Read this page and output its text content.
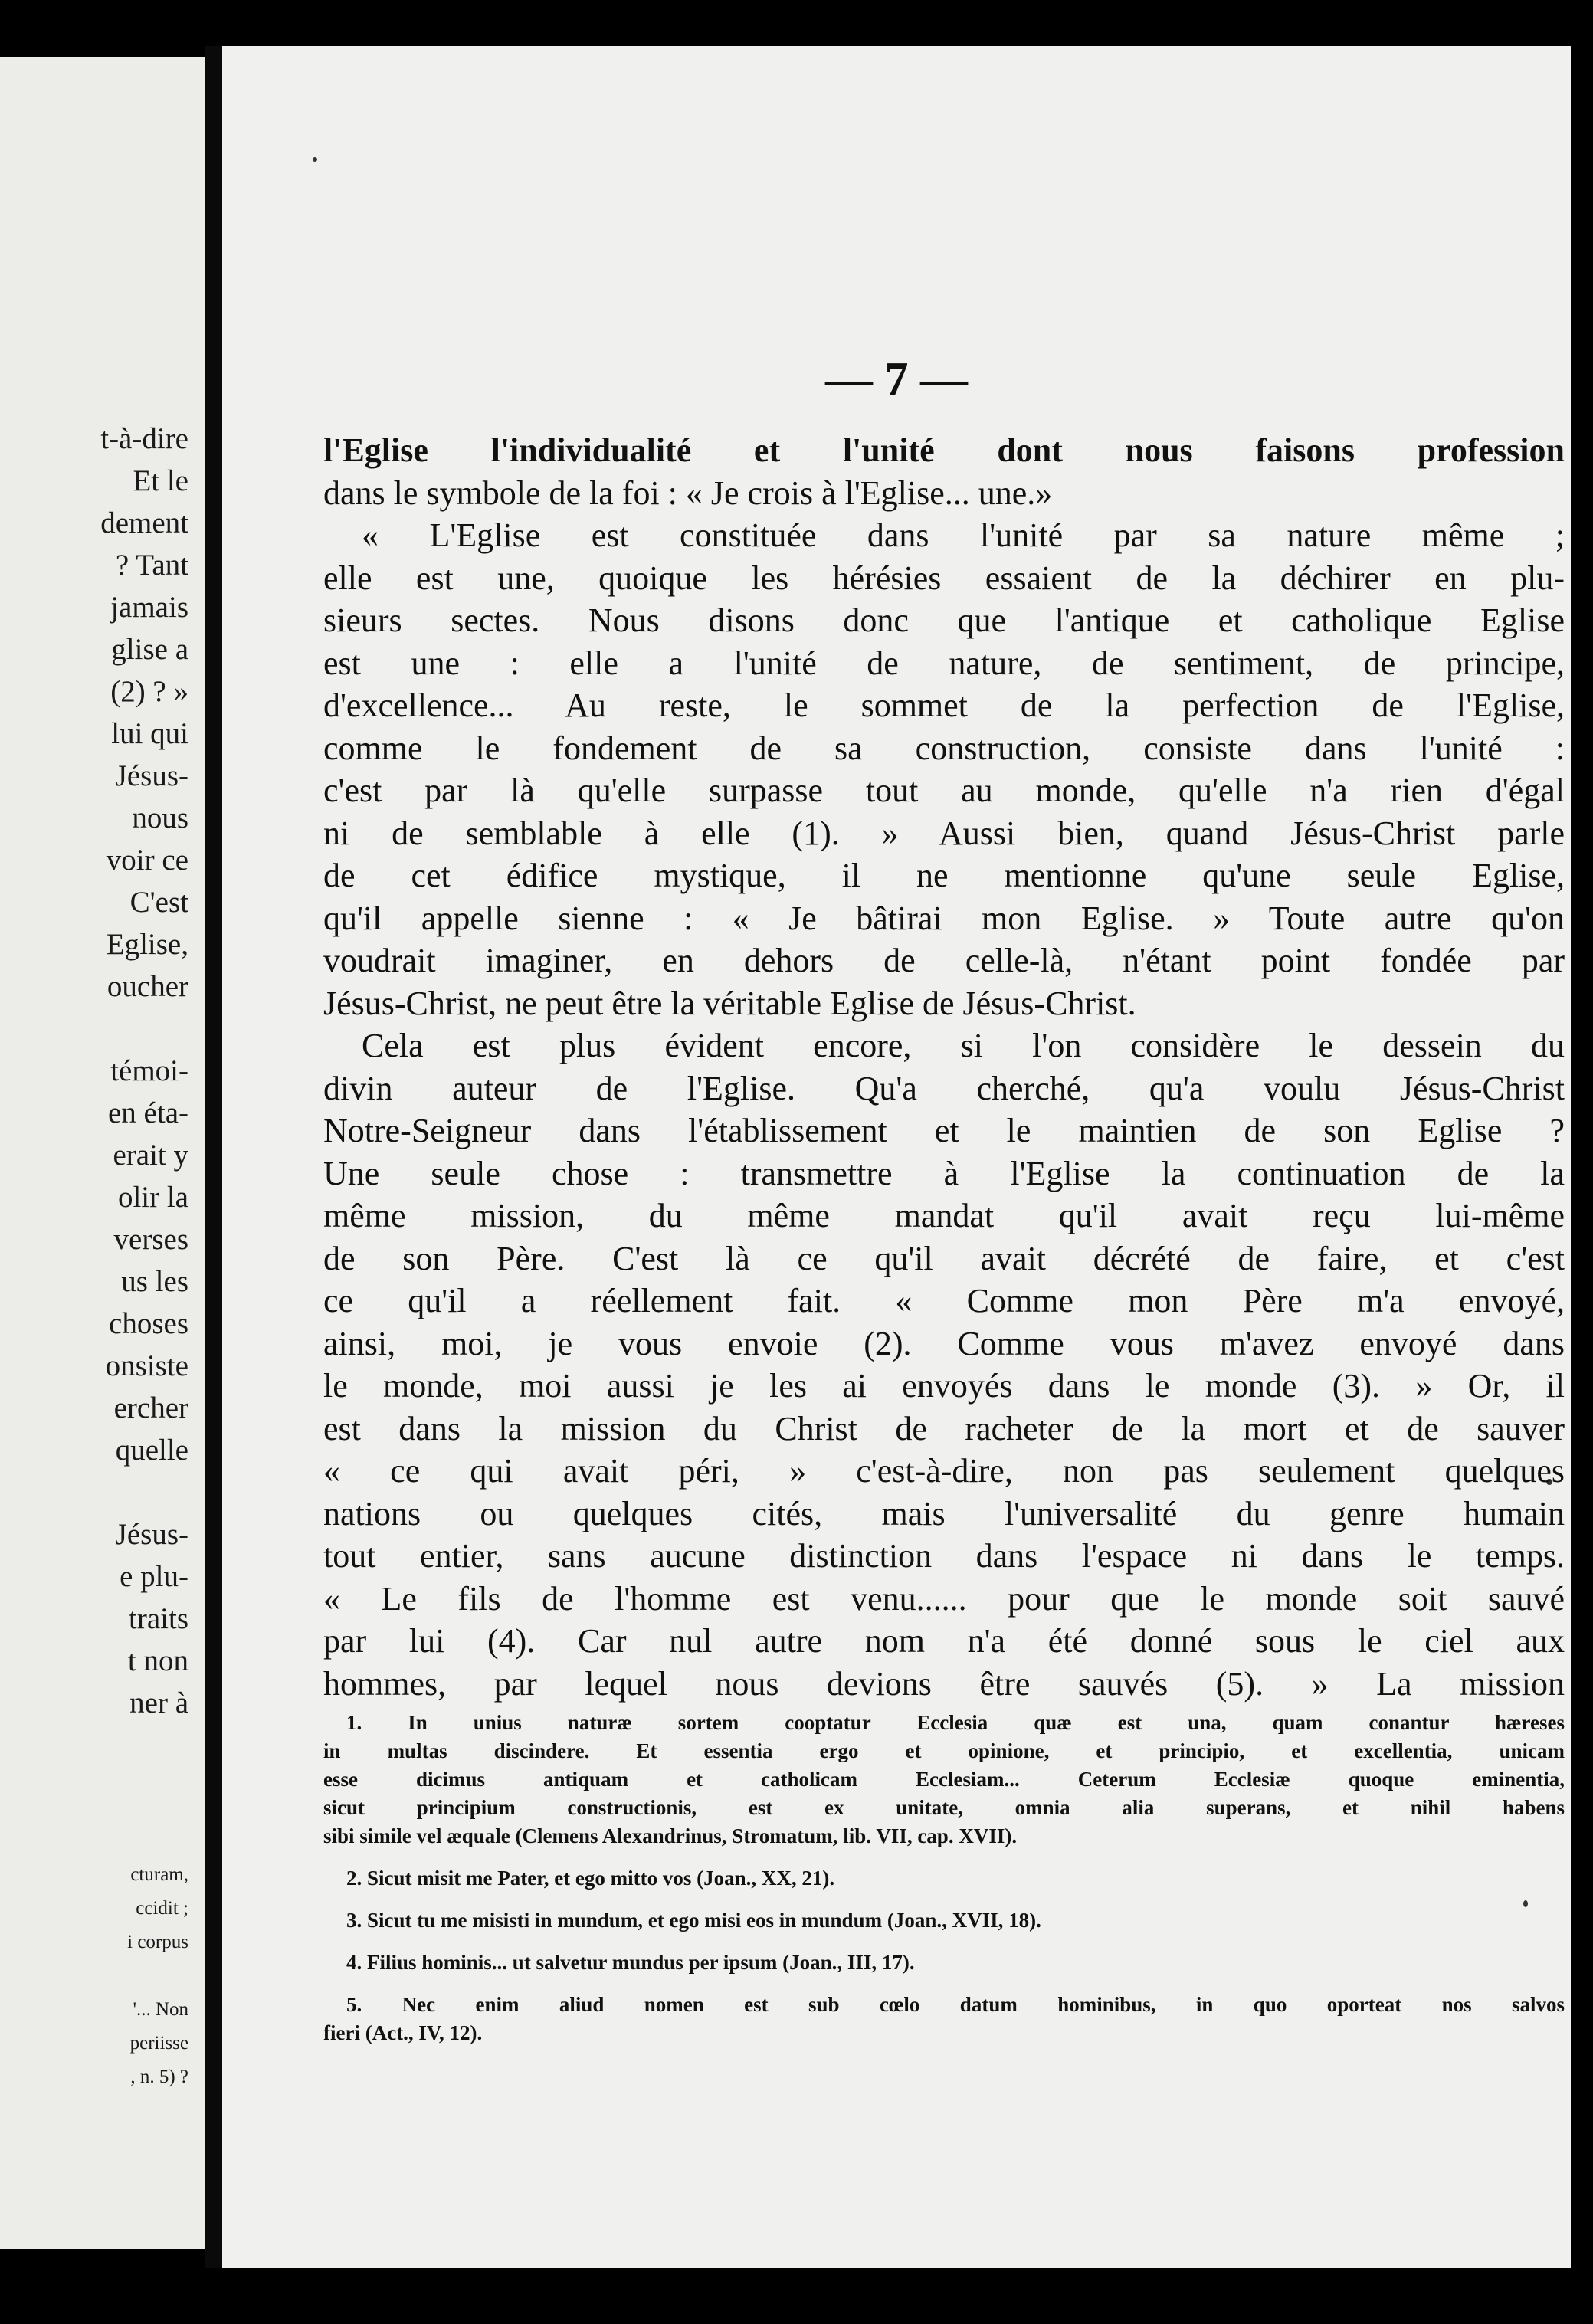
t-à-dire
Et le
dement
? Tant
jamais
glise a
(2) ? »
lui qui
Jésus-
nous
voir ce
C'est
Eglise,
oucher
témoi-
en éta-
erait y
olir la
verses
us les
choses
onsiste
ercher
quelle
Jésus-
e plu-
traits
t non
ner à
cturam,
ccidit ;
i corpus
'... Non
periisse
, n. 5) ?
— 7 —
l'Eglise l'individualité et l'unité dont nous faisons profession
dans le symbole de la foi : « Je crois à l'Eglise... une.»
« L'Eglise est constituée dans l'unité par sa nature même ;
elle est une, quoique les hérésies essaient de la déchirer en plu-
sieurs sectes. Nous disons donc que l'antique et catholique Eglise
est une : elle a l'unité de nature, de sentiment, de principe,
d'excellence... Au reste, le sommet de la perfection de l'Eglise,
comme le fondement de sa construction, consiste dans l'unité :
c'est par là qu'elle surpasse tout au monde, qu'elle n'a rien d'égal
ni de semblable à elle (1). » Aussi bien, quand Jésus-Christ parle
de cet édifice mystique, il ne mentionne qu'une seule Eglise,
qu'il appelle sienne : « Je bâtirai mon Eglise. » Toute autre qu'on
voudrait imaginer, en dehors de celle-là, n'étant point fondée par
Jésus-Christ, ne peut être la véritable Eglise de Jésus-Christ.
Cela est plus évident encore, si l'on considère le dessein du
divin auteur de l'Eglise. Qu'a cherché, qu'a voulu Jésus-Christ
Notre-Seigneur dans l'établissement et le maintien de son Eglise ?
Une seule chose : transmettre à l'Eglise la continuation de la
même mission, du même mandat qu'il avait reçu lui-même
de son Père. C'est là ce qu'il avait décrété de faire, et c'est
ce qu'il a réellement fait. « Comme mon Père m'a envoyé,
ainsi, moi, je vous envoie (2). Comme vous m'avez envoyé dans
le monde, moi aussi je les ai envoyés dans le monde (3). » Or, il
est dans la mission du Christ de racheter de la mort et de sauver
« ce qui avait péri, » c'est-à-dire, non pas seulement quelques
nations ou quelques cités, mais l'universalité du genre humain
tout entier, sans aucune distinction dans l'espace ni dans le temps.
« Le fils de l'homme est venu...... pour que le monde soit sauvé
par lui (4). Car nul autre nom n'a été donné sous le ciel aux
hommes, par lequel nous devions être sauvés (5). » La mission
1. In unius naturæ sortem cooptatur Ecclesia quæ est una, quam conantur hæreses
in multas discindere. Et essentia ergo et opinione, et principio, et excellentia, unicam
esse dicimus antiquam et catholicam Ecclesiam... Ceterum Ecclesiæ quoque eminentia,
sicut principium constructionis, est ex unitate, omnia alia superans, et nihil habens
sibi simile vel æquale (Clemens Alexandrinus, Stromatum, lib. VII, cap. XVII).
2. Sicut misit me Pater, et ego mitto vos (Joan., XX, 21).
3. Sicut tu me misisti in mundum, et ego misi eos in mundum (Joan., XVII, 18).
4. Filius hominis... ut salvetur mundus per ipsum (Joan., III, 17).
5. Nec enim aliud nomen est sub cœlo datum hominibus, in quo oporteat nos salvos
fieri (Act., IV, 12).
